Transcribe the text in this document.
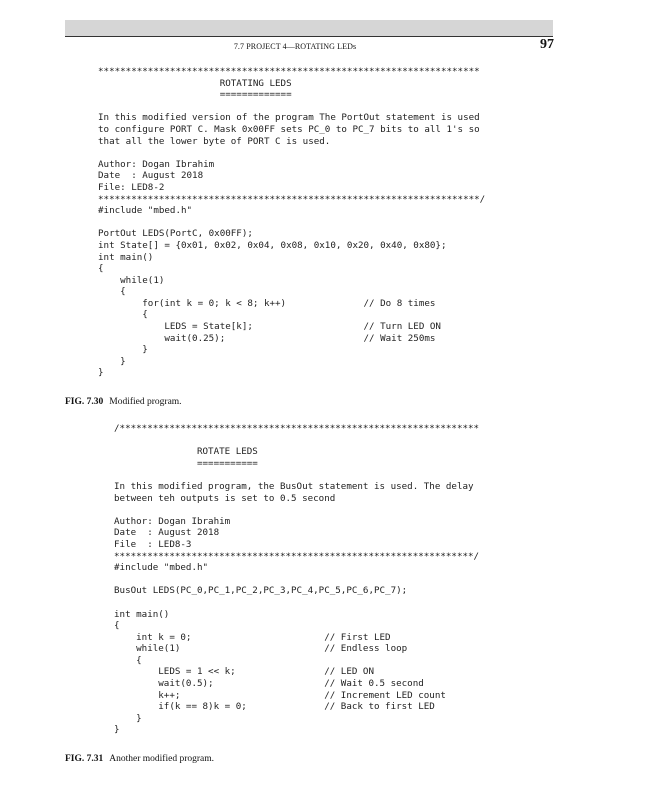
7.7 PROJECT 4—ROTATING LEDs	97
*********************************************************************
ROTATING LEDS
=============

In this modified version of the program The PortOut statement is used
to configure PORT C. Mask 0x00FF sets PC_0 to PC_7 bits to all 1's so
that all the lower byte of PORT C is used.

Author: Dogan Ibrahim
Date  : August 2018
File: LED8-2
*********************************************************************/
#include "mbed.h"

PortOut LEDS(PortC, 0x00FF);
int State[] = {0x01, 0x02, 0x04, 0x08, 0x10, 0x20, 0x40, 0x80};
int main()
{
while(1)
{
for(int k = 0; k < 8; k++)              // Do 8 times
{
LEDS = State[k];                    // Turn LED ON
wait(0.25);                         // Wait 250ms
}
}
}
FIG. 7.30 Modified program.
/*****************************************************************

ROTATE LEDS
===========

In this modified program, the BusOut statement is used. The delay
between teh outputs is set to 0.5 second

Author: Dogan Ibrahim
Date  : August 2018
File  : LED8-3
*****************************************************************/
#include "mbed.h"

BusOut LEDS(PC_0,PC_1,PC_2,PC_3,PC_4,PC_5,PC_6,PC_7);

int main()
{
int k = 0;                        // First LED
while(1)                          // Endless loop
{
LEDS = 1 << k;                // LED ON
wait(0.5);                    // Wait 0.5 second
k++;                          // Increment LED count
if(k == 8)k = 0;              // Back to first LED
}
}
FIG. 7.31 Another modified program.
